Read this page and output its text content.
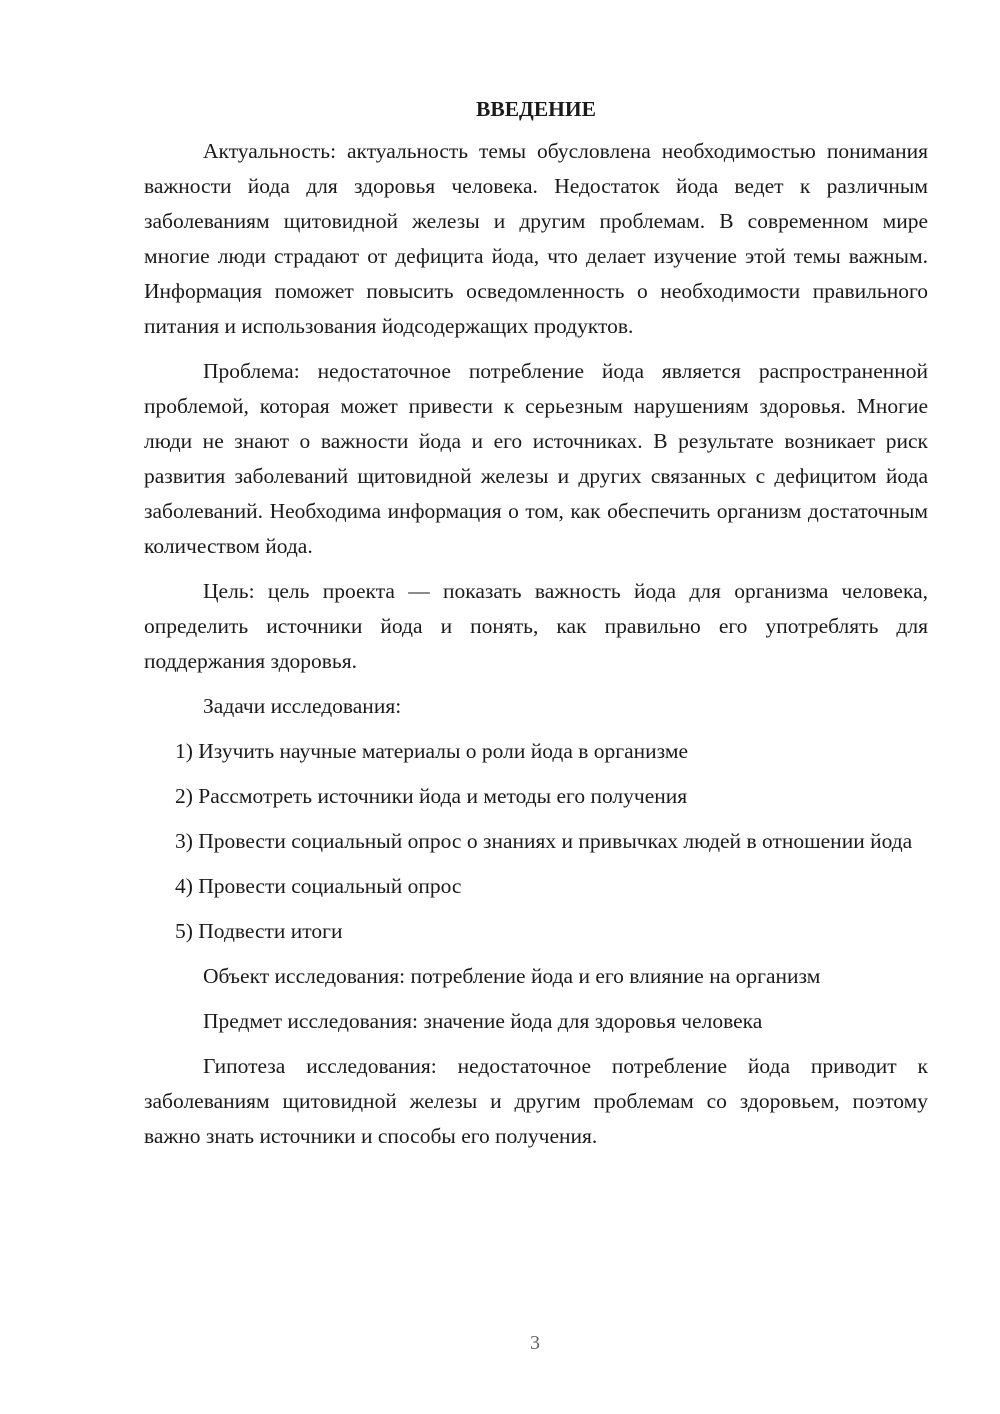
ВВЕДЕНИЕ

Актуальность: актуальность темы обусловлена необходимостью понимания важности йода для здоровья человека. Недостаток йода ведет к различным заболеваниям щитовидной железы и другим проблемам. В современном мире многие люди страдают от дефицита йода, что делает изучение этой темы важным. Информация поможет повысить осведомленность о необходимости правильного питания и использования йодсодержащих продуктов.

Проблема: недостаточное потребление йода является распространенной проблемой, которая может привести к серьезным нарушениям здоровья. Многие люди не знают о важности йода и его источниках. В результате возникает риск развития заболеваний щитовидной железы и других связанных с дефицитом йода заболеваний. Необходима информация о том, как обеспечить организм достаточным количеством йода.

Цель: цель проекта — показать важность йода для организма человека, определить источники йода и понять, как правильно его употреблять для поддержания здоровья.

Задачи исследования:

1) Изучить научные материалы о роли йода в организме

2) Рассмотреть источники йода и методы его получения

3) Провести социальный опрос о знаниях и привычках людей в отношении йода

4) Провести социальный опрос

5) Подвести итоги

Объект исследования: потребление йода и его влияние на организм

Предмет исследования: значение йода для здоровья человека

Гипотеза исследования: недостаточное потребление йода приводит к заболеваниям щитовидной железы и другим проблемам со здоровьем, поэтому важно знать источники и способы его получения.

3
